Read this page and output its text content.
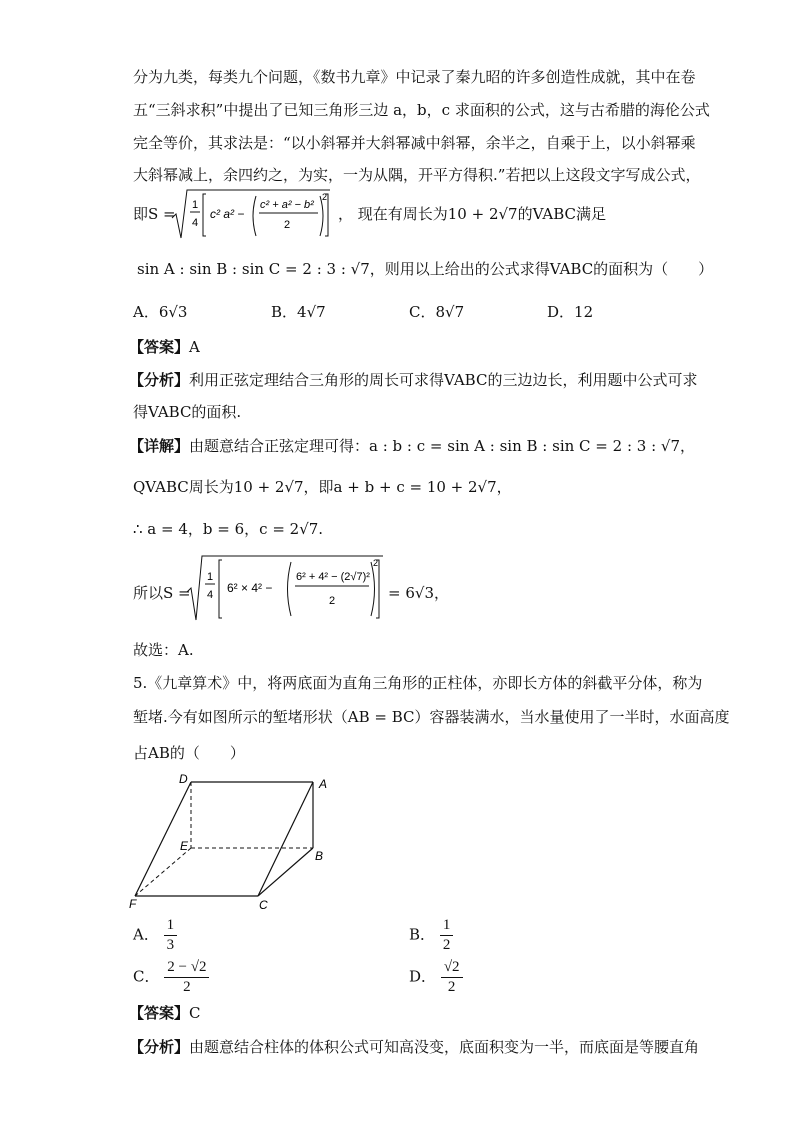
分为九类，每类九个问题，《数书九章》中记录了秦九昭的许多创造性成就，其中在卷
五“三斜求积”中提出了已知三角形三边 a，b，c 求面积的公式，这与古希腊的海伦公式
完全等价，其求法是：“以小斜幂并大斜幂减中斜幂，余半之，自乘于上，以小斜幂乘
大斜幂减上，余四约之，为实，一为从隅，开平方得积.”若把以上这段文字写成公式，
即S = 1
4
c² a² −
c² + a² − b²
2
2
， 现在有周长为10 + 2√7的VABC满足
sin A : sin B : sin C = 2 : 3 : √7，则用以上给出的公式求得VABC的面积为（　　）
A．6√3	B．4√7	C．8√7	D．12
【答案】A
【分析】利用正弦定理结合三角形的周长可求得VABC的三边边长，利用题中公式可求
得VABC的面积.
【详解】由题意结合正弦定理可得：a : b : c = sin A : sin B : sin C = 2 : 3 : √7，
QVABC周长为10 + 2√7，即a + b + c = 10 + 2√7，
∴ a = 4，b = 6，c = 2√7.
所以S =
1
4 6² × 4² −
6² + 4² − (2√7)²
2
2
= 6√3，
故选：A.
5.《九章算术》中，将两底面为直角三角形的正柱体，亦即长方体的斜截平分体，称为
堑堵.今有如图所示的堑堵形状（AB = BC）容器装满水，当水量使用了一半时，水面高度
占AB的（　　）
D	A
E
B
F	C
A． $\frac{1}{3}$	B． $\frac{1}{2}$
C． $\frac{2 - √2}{2}$	D． $\frac{√2}{2}$
【答案】C
【分析】由题意结合柱体的体积公式可知高没变，底面积变为一半，而底面是等腰直角
